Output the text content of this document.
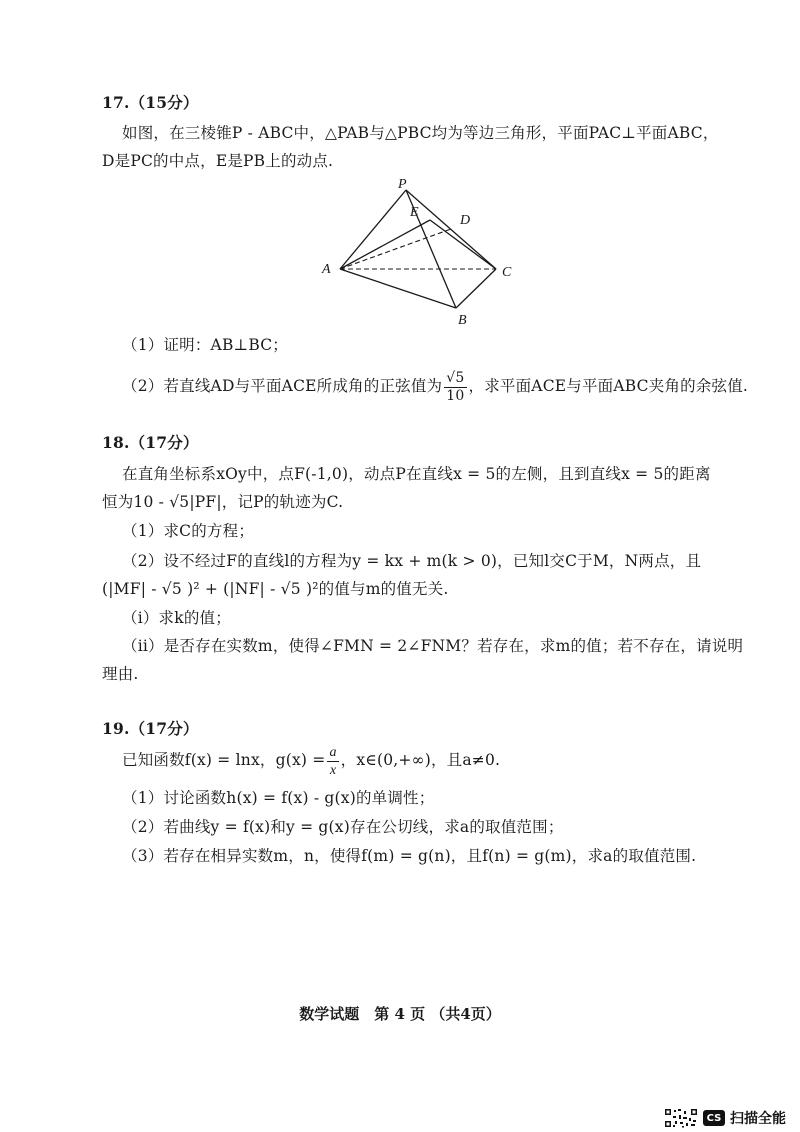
17.（15分）
如图，在三棱锥P - ABC中，△PAB与△PBC均为等边三角形，平面PAC⊥平面ABC，
D是PC的中点，E是PB上的动点.
P
E
D
A	C
B
（1）证明：AB⊥BC；
（2）若直线AD与平面ACE所成角的正弦值为 $\frac{√5}{10}$ ，求平面ACE与平面ABC夹角的余弦值.
18.（17分）
在直角坐标系xOy中，点F(-1,0)，动点P在直线x = 5的左侧，且到直线x = 5的距离
恒为10 - √5|PF|，记P的轨迹为C.
（1）求C的方程；
（2）设不经过F的直线l的方程为y = kx + m(k > 0)，已知l交C于M，N两点，且
(|MF| - √5 )² + (|NF| - √5 )²的值与m的值无关.
（i）求k的值；
（ii）是否存在实数m，使得∠FMN = 2∠FNM？若存在，求m的值；若不存在，请说明
理由.
19.（17分）
已知函数f(x) = lnx，$g(x) = \frac{a}{x}$ ，x∈(0,+∞)，且a≠0.
（1）讨论函数h(x) = f(x) - g(x)的单调性；
（2）若曲线y = f(x)和y = g(x)存在公切线，求a的取值范围；
（3）若存在相异实数m，n，使得f(m) = g(n)，且f(n) = g(m)，求a的取值范围.
数学试题　第 4 页 （共4页）
CS 扫描全能
